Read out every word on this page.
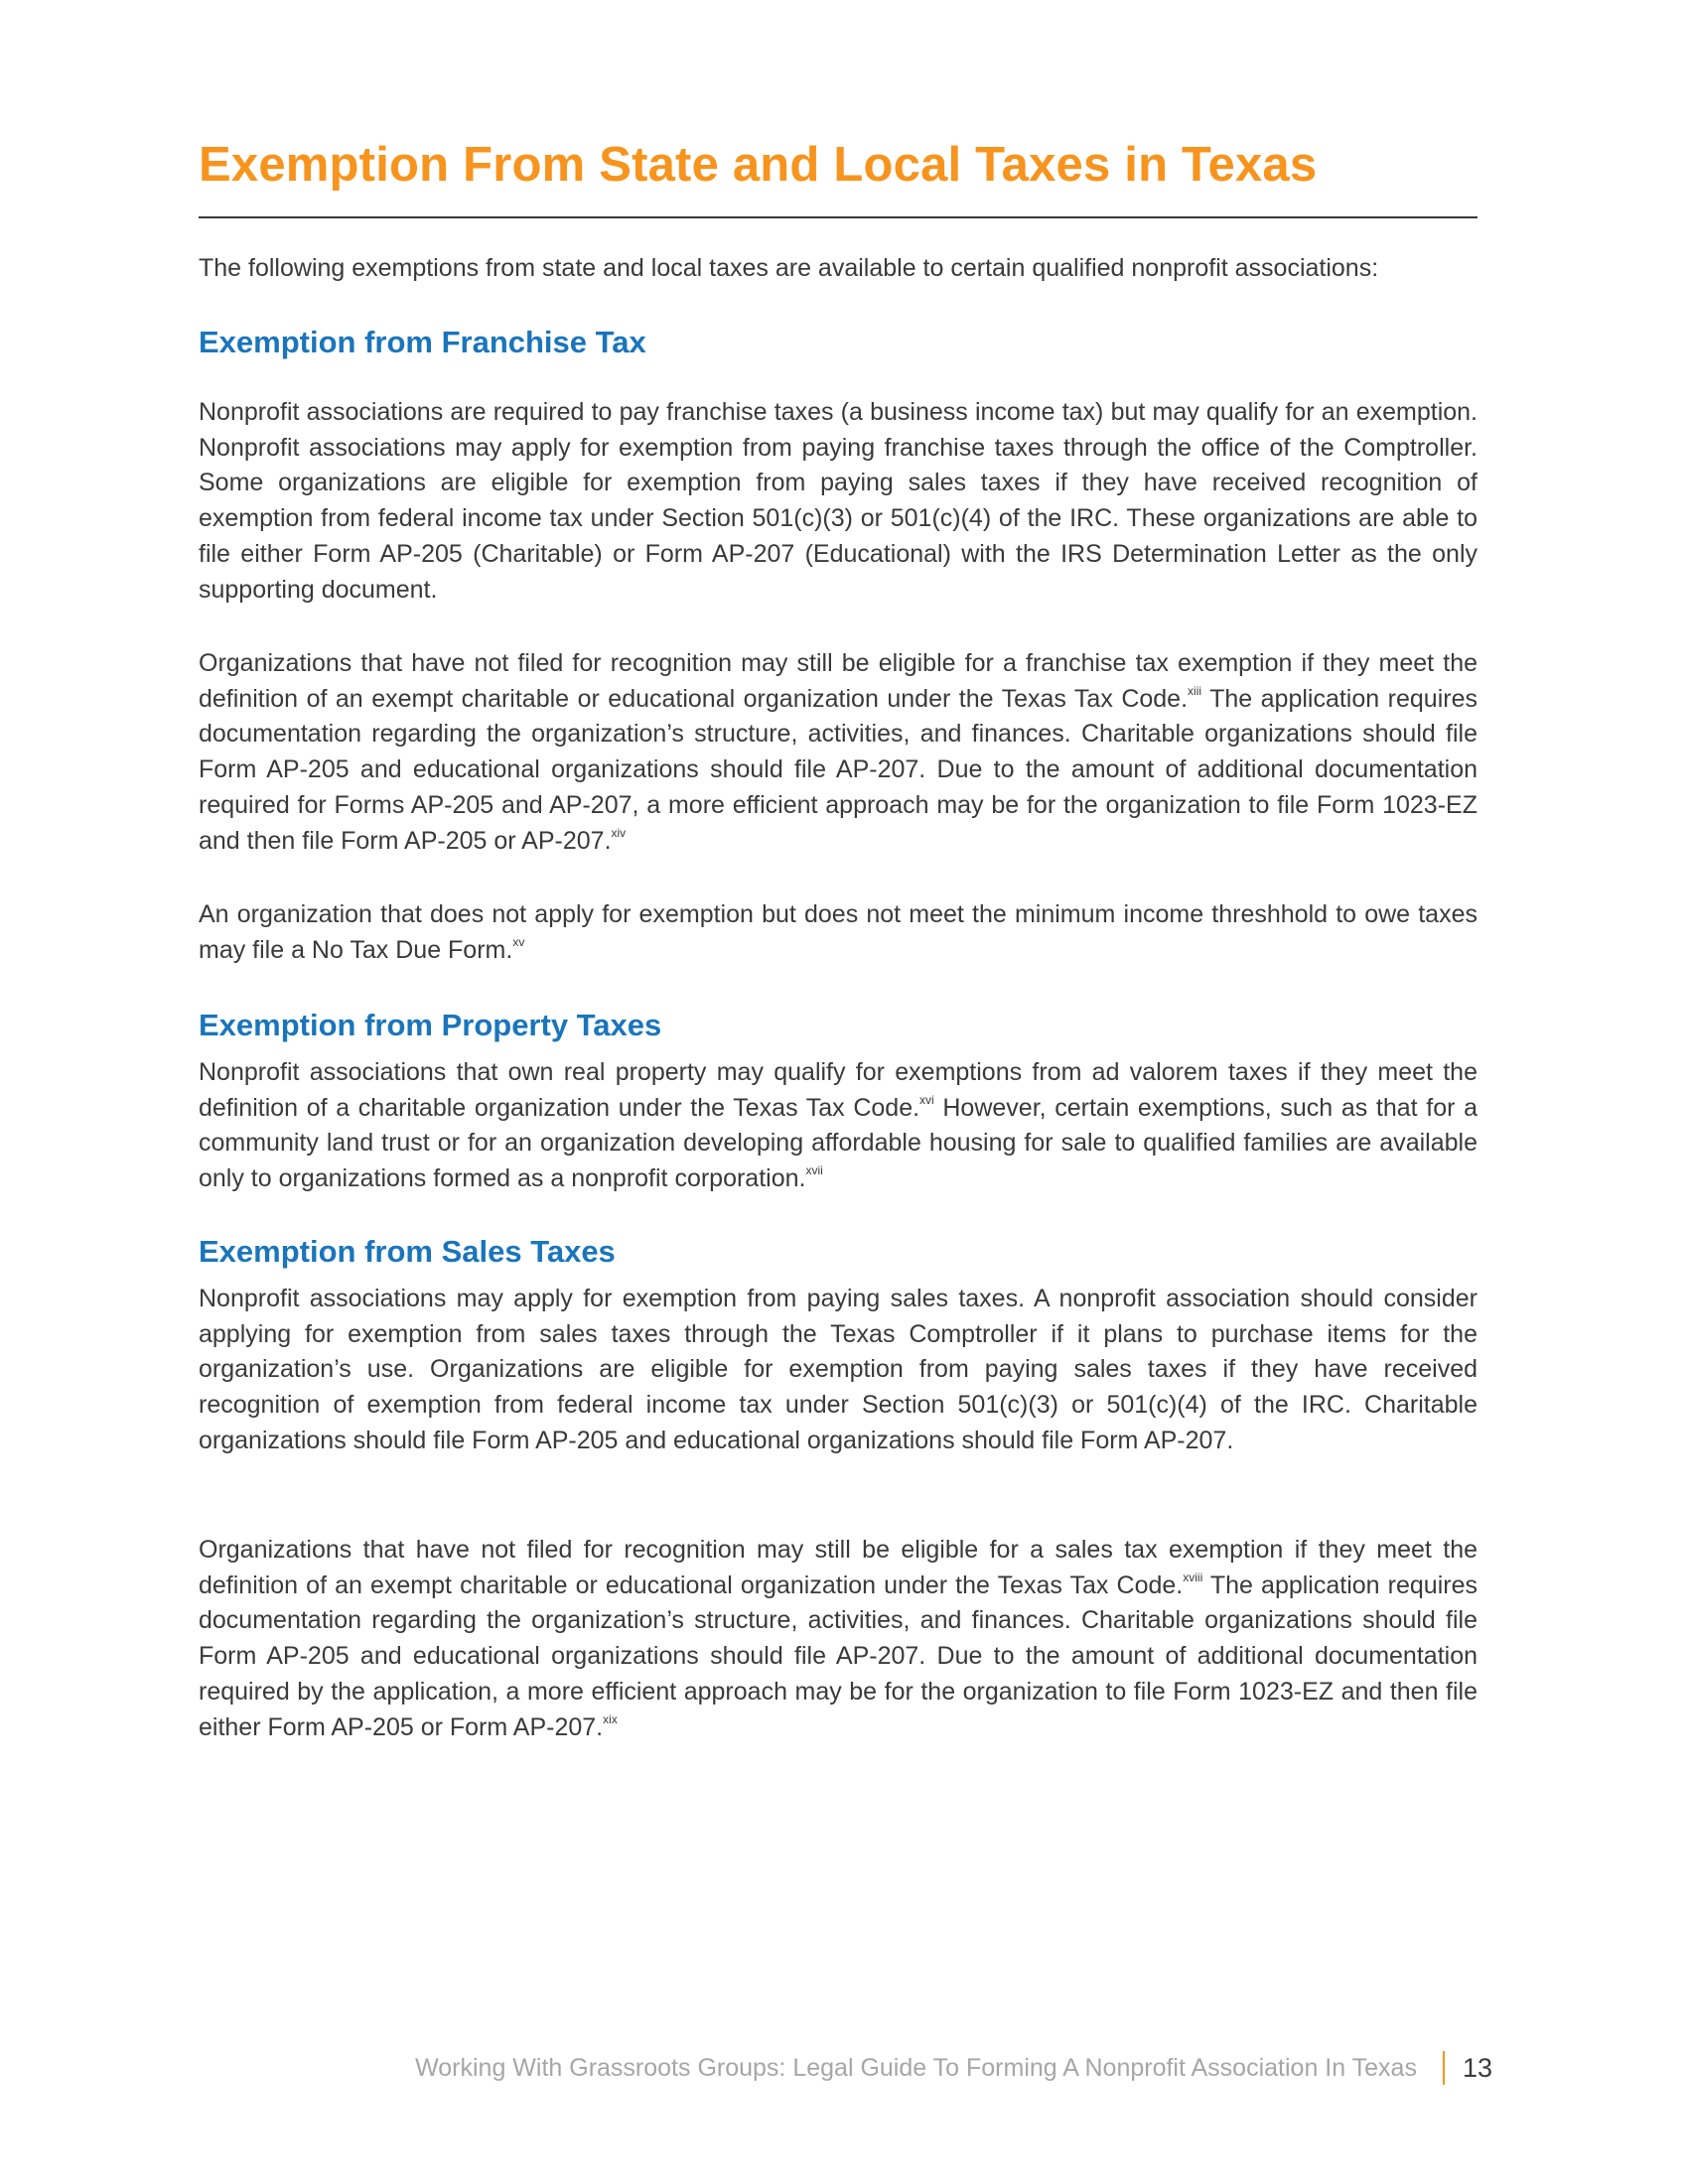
Exemption From State and Local Taxes in Texas

The following exemptions from state and local taxes are available to certain qualified nonprofit associations:

Exemption from Franchise Tax

Nonprofit associations are required to pay franchise taxes (a business income tax) but may qualify for an exemption. Nonprofit associations may apply for exemption from paying franchise taxes through the office of the Comptroller. Some organizations are eligible for exemption from paying sales taxes if they have received recognition of exemption from federal income tax under Section 501(c)(3) or 501(c)(4) of the IRC. These organizations are able to file either Form AP-205 (Charitable) or Form AP-207 (Educational) with the IRS Determination Letter as the only supporting document.

Organizations that have not filed for recognition may still be eligible for a franchise tax exemption if they meet the definition of an exempt charitable or educational organization under the Texas Tax Code.$^{xiii}$ The application requires documentation regarding the organization’s structure, activities, and finances. Charitable organizations should file Form AP-205 and educational organizations should file AP-207. Due to the amount of additional documentation required for Forms AP-205 and AP-207, a more efficient approach may be for the organization to file Form 1023-EZ and then file Form AP-205 or AP-207.$^{xiv}$

An organization that does not apply for exemption but does not meet the minimum income threshhold to owe taxes may file a No Tax Due Form.$^{xv}$

Exemption from Property Taxes

Nonprofit associations that own real property may qualify for exemptions from ad valorem taxes if they meet the definition of a charitable organization under the Texas Tax Code.$^{xvi}$ However, certain exemptions, such as that for a community land trust or for an organization developing affordable housing for sale to qualified families are available only to organizations formed as a nonprofit corporation.$^{xvii}$

Exemption from Sales Taxes

Nonprofit associations may apply for exemption from paying sales taxes. A nonprofit association should consider applying for exemption from sales taxes through the Texas Comptroller if it plans to purchase items for the organization’s use. Organizations are eligible for exemption from paying sales taxes if they have received recognition of exemption from federal income tax under Section 501(c)(3) or 501(c)(4) of the IRC. Charitable organizations should file Form AP-205 and educational organizations should file Form AP-207.

Organizations that have not filed for recognition may still be eligible for a sales tax exemption if they meet the definition of an exempt charitable or educational organization under the Texas Tax Code.$^{xviii}$ The application requires documentation regarding the organization’s structure, activities, and finances. Charitable organizations should file Form AP-205 and educational organizations should file AP-207. Due to the amount of additional documentation required by the application, a more efficient approach may be for the organization to file Form 1023-EZ and then file either Form AP-205 or Form AP-207.$^{xix}$

Working With Grassroots Groups: Legal Guide To Forming A Nonprofit Association In Texas 13
